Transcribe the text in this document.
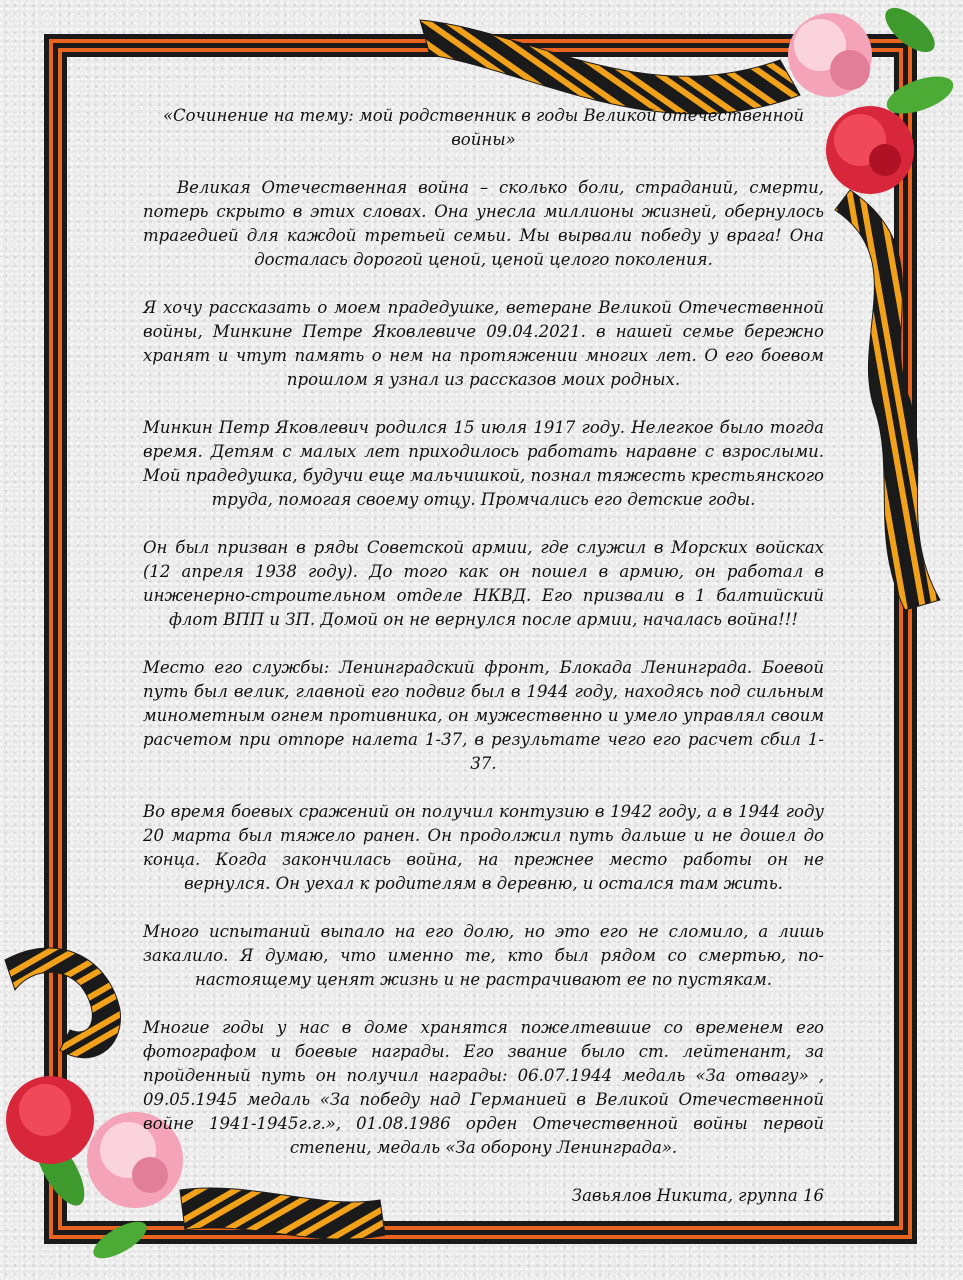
«Сочинение на тему: мой родственник в годы Великой отечественной войны»

Великая Отечественная война – сколько боли, страданий, смерти, потерь скрыто в этих словах. Она унесла миллионы жизней, обернулось трагедией для каждой третьей семьи. Мы вырвали победу у врага! Она досталась дорогой ценой, ценой целого поколения.

Я хочу рассказать о моем прадедушке, ветеране Великой Отечественной войны, Минкине Петре Яковлевиче 09.04.2021. в нашей семье бережно хранят и чтут память о нем на протяжении многих лет. О его боевом прошлом я узнал из рассказов моих родных.

Минкин Петр Яковлевич родился 15 июля 1917 году. Нелегкое было тогда время. Детям с малых лет приходилось работать наравне с взрослыми. Мой прадедушка, будучи еще мальчишкой, познал тяжесть крестьянского труда, помогая своему отцу. Промчались его детские годы.

Он был призван в ряды Советской армии, где служил в Морских войсках (12 апреля 1938 году). До того как он пошел в армию, он работал в инженерно-строительном отделе НКВД. Его призвали в 1 балтийский флот ВПП и ЗП. Домой он не вернулся после армии, началась война!!!

Место его службы: Ленинградский фронт, Блокада Ленинграда. Боевой путь был велик, главной его подвиг был в 1944 году, находясь под сильным минометным огнем противника, он мужественно и умело управлял своим расчетом при отпоре налета 1-37, в результате чего его расчет сбил 1-37.

Во время боевых сражений он получил контузию в 1942 году, а в 1944 году 20 марта был тяжело ранен. Он продолжил путь дальше и не дошел до конца. Когда закончилась война, на прежнее место работы он не вернулся. Он уехал к родителям в деревню, и остался там жить.

Много испытаний выпало на его долю, но это его не сломило, а лишь закалило. Я думаю, что именно те, кто был рядом со смертью, по-настоящему ценят жизнь и не растрачивают ее по пустякам.

Многие годы у нас в доме хранятся пожелтевшие со временем его фотографом и боевые награды. Его звание было ст. лейтенант, за пройденный путь он получил награды: 06.07.1944 медаль «За отвагу» , 09.05.1945 медаль «За победу над Германией в Великой Отечественной войне 1941-1945г.г.», 01.08.1986 орден Отечественной войны первой степени, медаль «За оборону Ленинграда».

Завьялов Никита, группа 16
